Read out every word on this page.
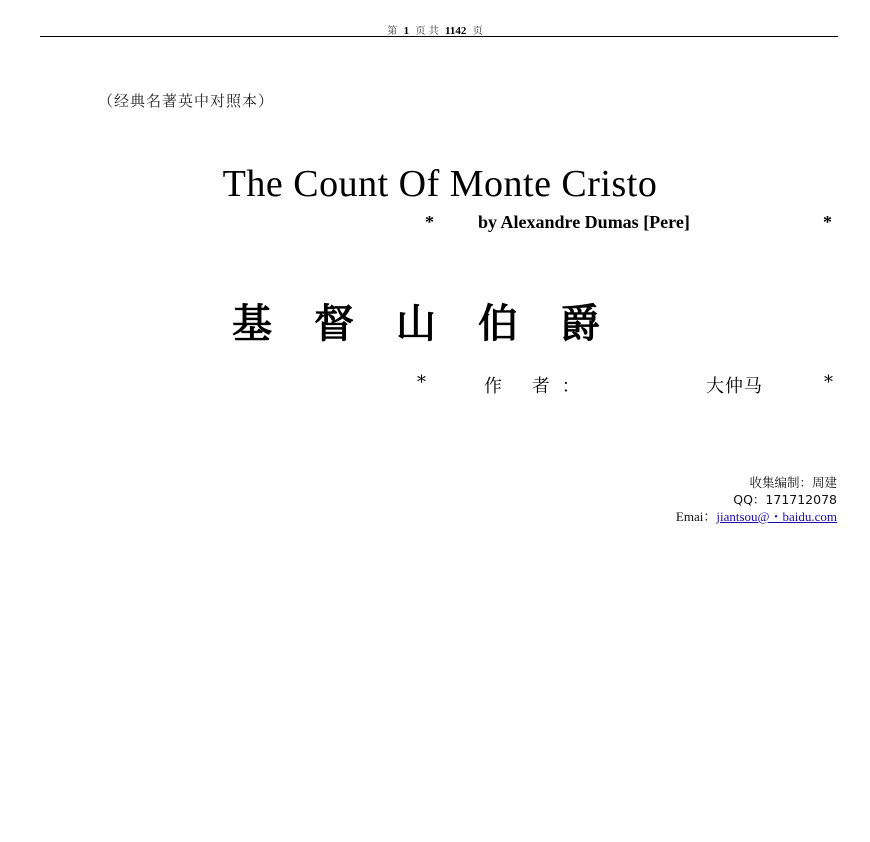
第 1 页 共 1142 页
（经典名著英中对照本）
The Count Of Monte Cristo
* by Alexandre Dumas [Pere]	*
基督山伯爵
*	作 者：	大仲马	*
收集编制：周建
QQ：171712078
Emai：jiantsou@・baidu.com
